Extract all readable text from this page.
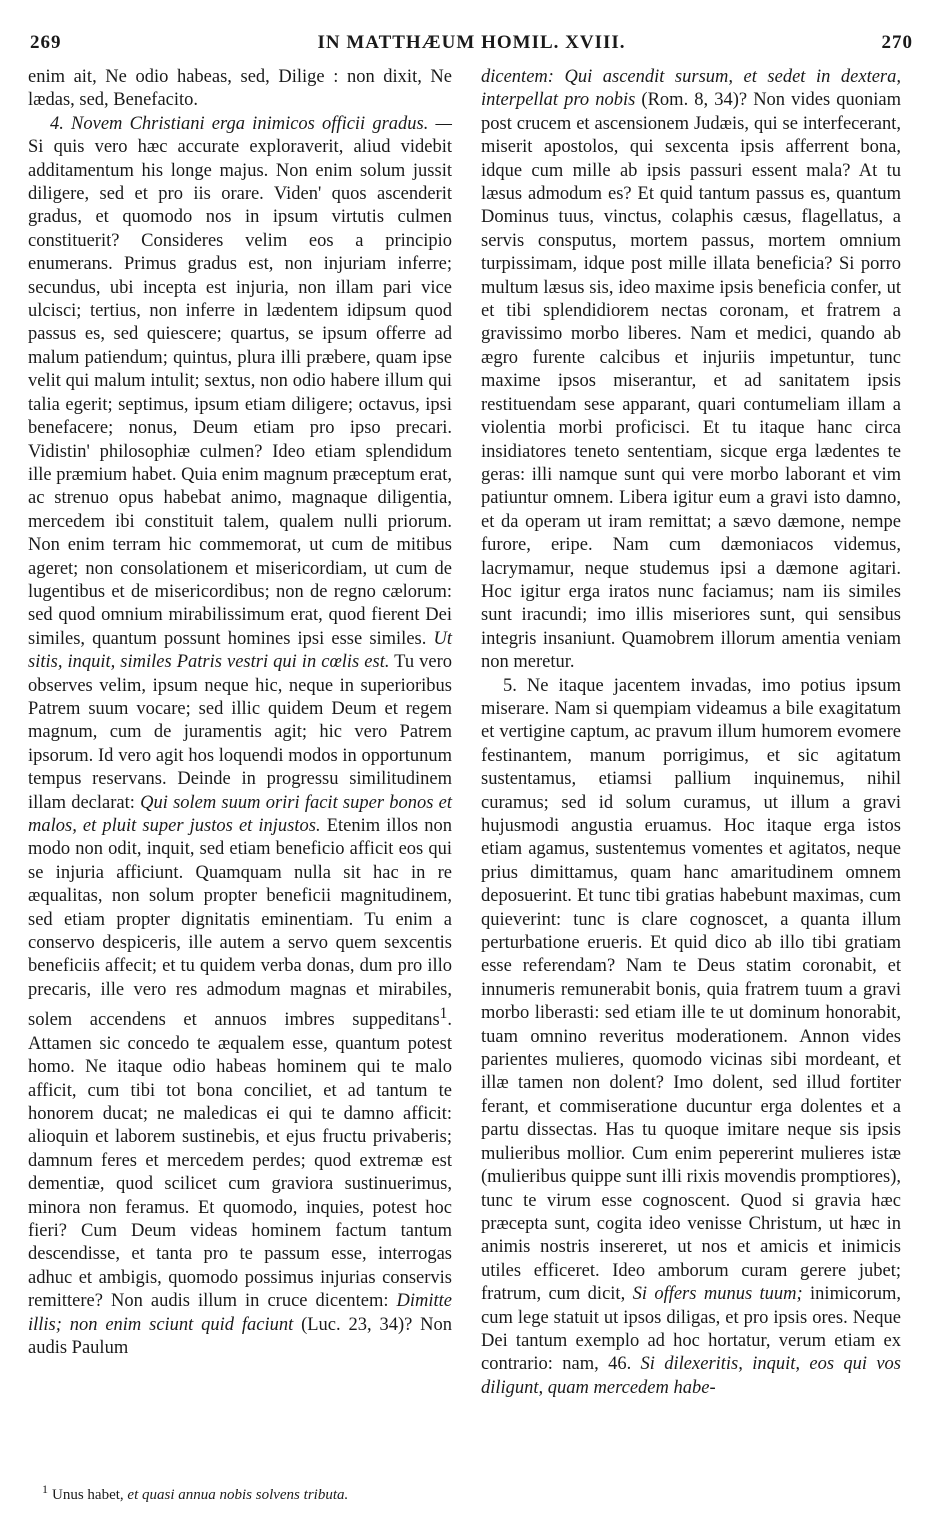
269	IN MATTHÆUM HOMIL. XVIII.	270

enim ait, Ne odio habeas, sed, Dilige : non dixit, Ne lædas, sed, Benefacito.

4. Novem Christiani erga inimicos officii gradus. — Si quis vero hæc accurate exploraverit, aliud videbit additamentum his longe majus. Non enim solum jussit diligere, sed et pro iis orare. Viden' quos ascenderit gradus, et quomodo nos in ipsum virtutis culmen constituerit? Consideres velim eos a principio enumerans. Primus gradus est, non injuriam inferre; secundus, ubi incepta est injuria, non illam pari vice ulcisci; tertius, non inferre in lædentem idipsum quod passus es, sed quiescere; quartus, se ipsum offerre ad malum patiendum; quintus, plura illi præbere, quam ipse velit qui malum intulit; sextus, non odio habere illum qui talia egerit; septimus, ipsum etiam diligere; octavus, ipsi benefacere; nonus, Deum etiam pro ipso precari. Vidistin' philosophiæ culmen? Ideo etiam splendidum ille præmium habet. Quia enim magnum præceptum erat, ac strenuo opus habebat animo, magnaque diligentia, mercedem ibi constituit talem, qualem nulli priorum. Non enim terram hic commemorat, ut cum de mitibus ageret; non consolationem et misericordiam, ut cum de lugentibus et de misericordibus; non de regno cælorum: sed quod omnium mirabilissimum erat, quod fierent Dei similes, quantum possunt homines ipsi esse similes. Ut sitis, inquit, similes Patris vestri qui in cœlis est. Tu vero observes velim, ipsum neque hic, neque in superioribus Patrem suum vocare; sed illic quidem Deum et regem magnum, cum de juramentis agit; hic vero Patrem ipsorum. Id vero agit hos loquendi modos in opportunum tempus reservans. Deinde in progressu similitudinem illam declarat: Qui solem suum oriri facit super bonos et malos, et pluit super justos et injustos. Etenim illos non modo non odit, inquit, sed etiam beneficio afficit eos qui se injuria afficiunt. Quamquam nulla sit hac in re æqualitas, non solum propter beneficii magnitudinem, sed etiam propter dignitatis eminentiam. Tu enim a conservo despiceris, ille autem a servo quem sexcentis beneficiis affecit; et tu quidem verba donas, dum pro illo precaris, ille vero res admodum magnas et mirabiles, solem accendens et annuos imbres suppeditans$^1$. Attamen sic concedo te æqualem esse, quantum potest homo. Ne itaque odio habeas hominem qui te malo afficit, cum tibi tot bona conciliet, et ad tantum te honorem ducat; ne maledicas ei qui te damno afficit: alioquin et laborem sustinebis, et ejus fructu privaberis; damnum feres et mercedem perdes; quod extremæ est dementiæ, quod scilicet cum graviora sustinuerimus, minora non feramus. Et quomodo, inquies, potest hoc fieri? Cum Deum videas hominem factum tantum descendisse, et tanta pro te passum esse, interrogas adhuc et ambigis, quomodo possimus injurias conservis remittere? Non audis illum in cruce dicentem: Dimitte illis; non enim sciunt quid faciunt (Luc. 23, 34)? Non audis Paulum

dicentem: Qui ascendit sursum, et sedet in dextera, interpellat pro nobis (Rom. 8, 34)? Non vides quoniam post crucem et ascensionem Judæis, qui se interfecerant, miserit apostolos, qui sexcenta ipsis afferrent bona, idque cum mille ab ipsis passuri essent mala? At tu læsus admodum es? Et quid tantum passus es, quantum Dominus tuus, vinctus, colaphis cæsus, flagellatus, a servis consputus, mortem passus, mortem omnium turpissimam, idque post mille illata beneficia? Si porro multum læsus sis, ideo maxime ipsis beneficia confer, ut et tibi splendidiorem nectas coronam, et fratrem a gravissimo morbo liberes. Nam et medici, quando ab ægro furente calcibus et injuriis impetuntur, tunc maxime ipsos miserantur, et ad sanitatem ipsis restituendam sese apparant, quari contumeliam illam a violentia morbi proficisci. Et tu itaque hanc circa insidiatores teneto sententiam, sicque erga lædentes te geras: illi namque sunt qui vere morbo laborant et vim patiuntur omnem. Libera igitur eum a gravi isto damno, et da operam ut iram remittat; a sævo dæmone, nempe furore, eripe. Nam cum dæmoniacos videmus, lacrymamur, neque studemus ipsi a dæmone agitari. Hoc igitur erga iratos nunc faciamus; nam iis similes sunt iracundi; imo illis miseriores sunt, qui sensibus integris insaniunt. Quamobrem illorum amentia veniam non meretur.

5. Ne itaque jacentem invadas, imo potius ipsum miserare. Nam si quempiam videamus a bile exagitatum et vertigine captum, ac pravum illum humorem evomere festinantem, manum porrigimus, et sic agitatum sustentamus, etiamsi pallium inquinemus, nihil curamus; sed id solum curamus, ut illum a gravi hujusmodi angustia eruamus. Hoc itaque erga istos etiam agamus, sustentemus vomentes et agitatos, neque prius dimittamus, quam hanc amaritudinem omnem deposuerint. Et tunc tibi gratias habebunt maximas, cum quieverint: tunc is clare cognoscet, a quanta illum perturbatione erueris. Et quid dico ab illo tibi gratiam esse referendam? Nam te Deus statim coronabit, et innumeris remunerabit bonis, quia fratrem tuum a gravi morbo liberasti: sed etiam ille te ut dominum honorabit, tuam omnino reveritus moderationem. Annon vides parientes mulieres, quomodo vicinas sibi mordeant, et illæ tamen non dolent? Imo dolent, sed illud fortiter ferant, et commiseratione ducuntur erga dolentes et a partu dissectas. Has tu quoque imitare neque sis ipsis mulieribus mollior. Cum enim pepererint mulieres istæ (mulieribus quippe sunt illi rixis movendis promptiores), tunc te virum esse cognoscent. Quod si gravia hæc præcepta sunt, cogita ideo venisse Christum, ut hæc in animis nostris insereret, ut nos et amicis et inimicis utiles efficeret. Ideo amborum curam gerere jubet; fratrum, cum dicit, Si offers munus tuum; inimicorum, cum lege statuit ut ipsos diligas, et pro ipsis ores. Neque Dei tantum exemplo ad hoc hortatur, verum etiam ex contrario: nam, 46. Si dilexeritis, inquit, eos qui vos diligunt, quam mercedem habe-

$^1$ Unus habet, et quasi annua nobis solvens tributa.
